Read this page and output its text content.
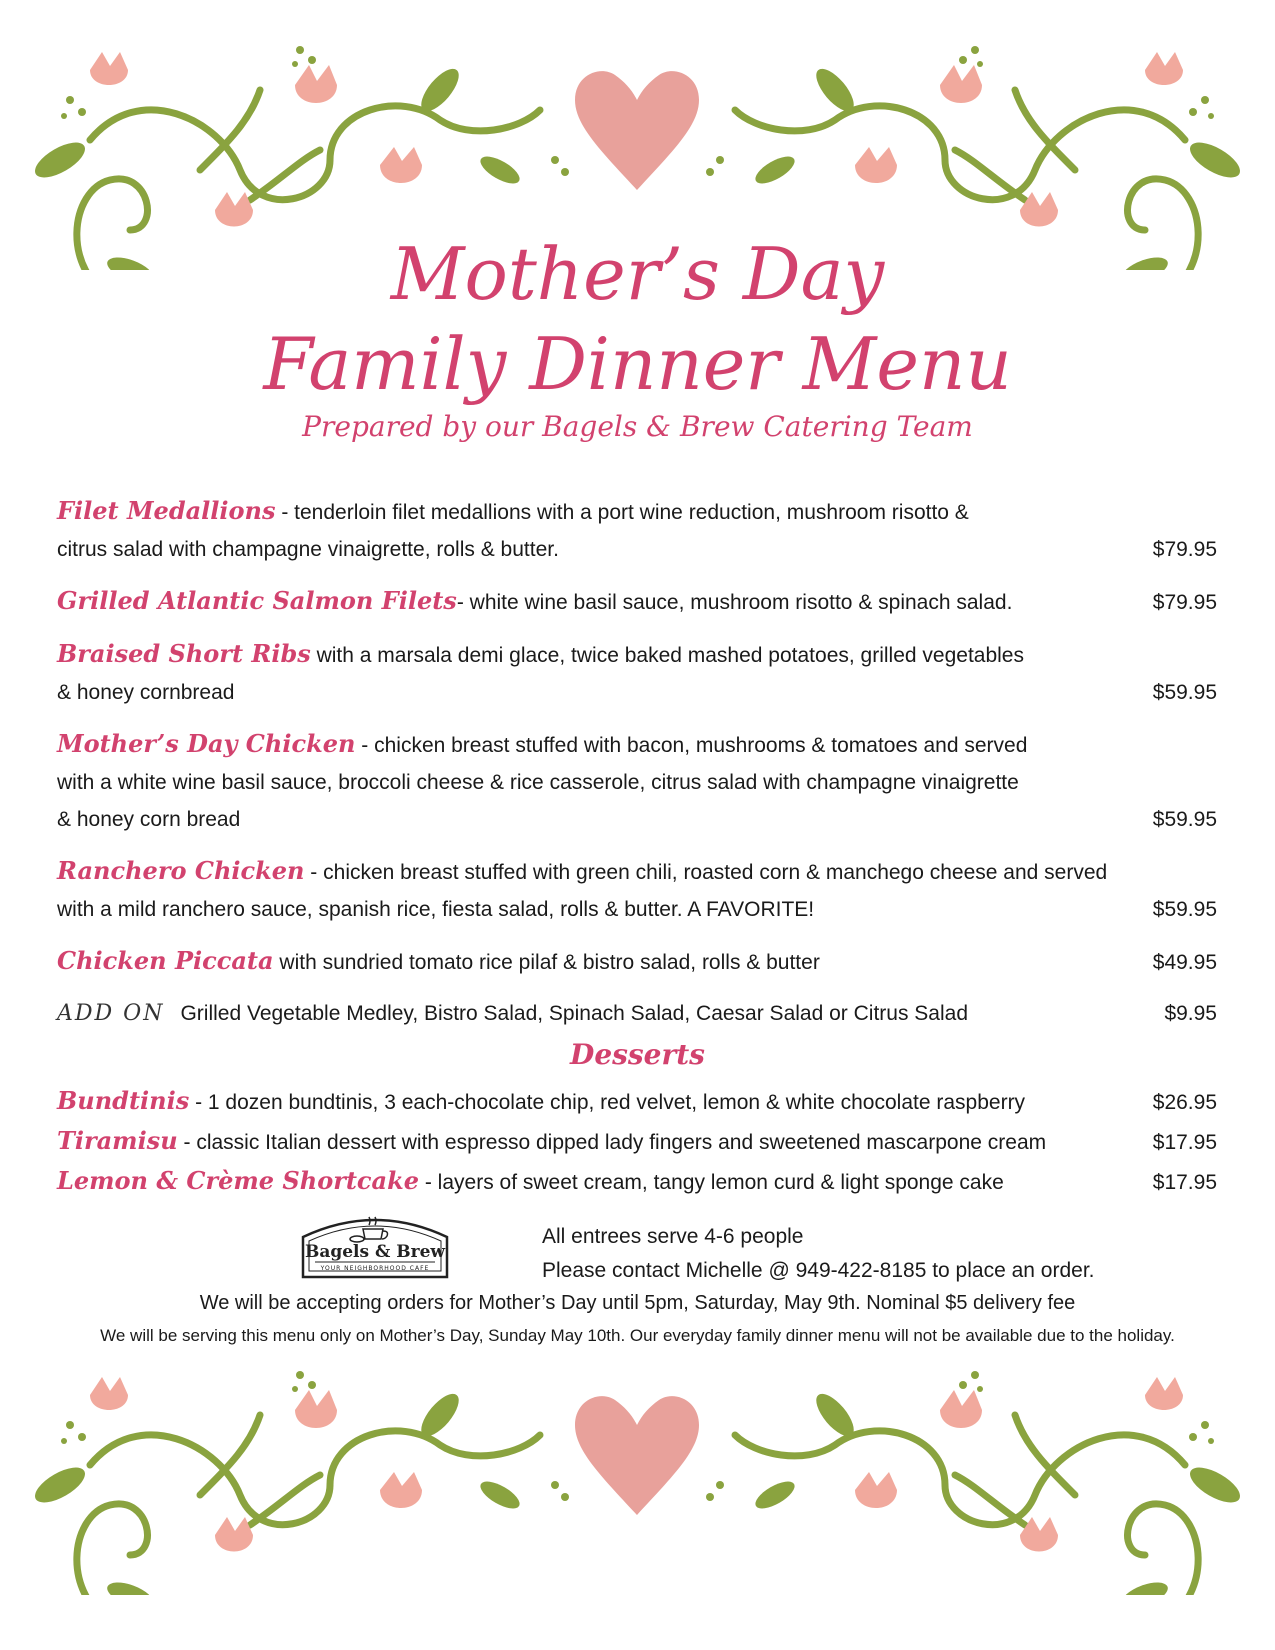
Mother’s Day
Family Dinner Menu
Prepared by our Bagels & Brew Catering Team
Filet Medallions - tenderloin filet medallions with a port wine reduction, mushroom risotto &
citrus salad with champagne vinaigrette, rolls & butter.	$79.95
Grilled Atlantic Salmon Filets- white wine basil sauce, mushroom risotto & spinach salad.	$79.95
Braised Short Ribs with a marsala demi glace, twice baked mashed potatoes, grilled vegetables
& honey cornbread	$59.95
Mother’s Day Chicken - chicken breast stuffed with bacon, mushrooms & tomatoes and served
with a white wine basil sauce, broccoli cheese & rice casserole, citrus salad with champagne vinaigrette
& honey corn bread	$59.95
Ranchero Chicken - chicken breast stuffed with green chili, roasted corn & manchego cheese and served
with a mild ranchero sauce, spanish rice, fiesta salad, rolls & butter. A FAVORITE!	$59.95
Chicken Piccata with sundried tomato rice pilaf & bistro salad, rolls & butter	$49.95
ADD ON Grilled Vegetable Medley, Bistro Salad, Spinach Salad, Caesar Salad or Citrus Salad	$9.95
Desserts
Bundtinis - 1 dozen bundtinis, 3 each-chocolate chip, red velvet, lemon & white chocolate raspberry	$26.95
Tiramisu - classic Italian dessert with espresso dipped lady fingers and sweetened mascarpone cream	$17.95
Lemon & Crème Shortcake - layers of sweet cream, tangy lemon curd & light sponge cake	$17.95
Bagels & Brew
YOUR NEIGHBORHOOD CAFE
All entrees serve 4-6 people
Please contact Michelle @ 949-422-8185 to place an order.
We will be accepting orders for Mother’s Day until 5pm, Saturday, May 9th. Nominal $5 delivery fee
We will be serving this menu only on Mother’s Day, Sunday May 10th. Our everyday family dinner menu will not be available due to the holiday.
